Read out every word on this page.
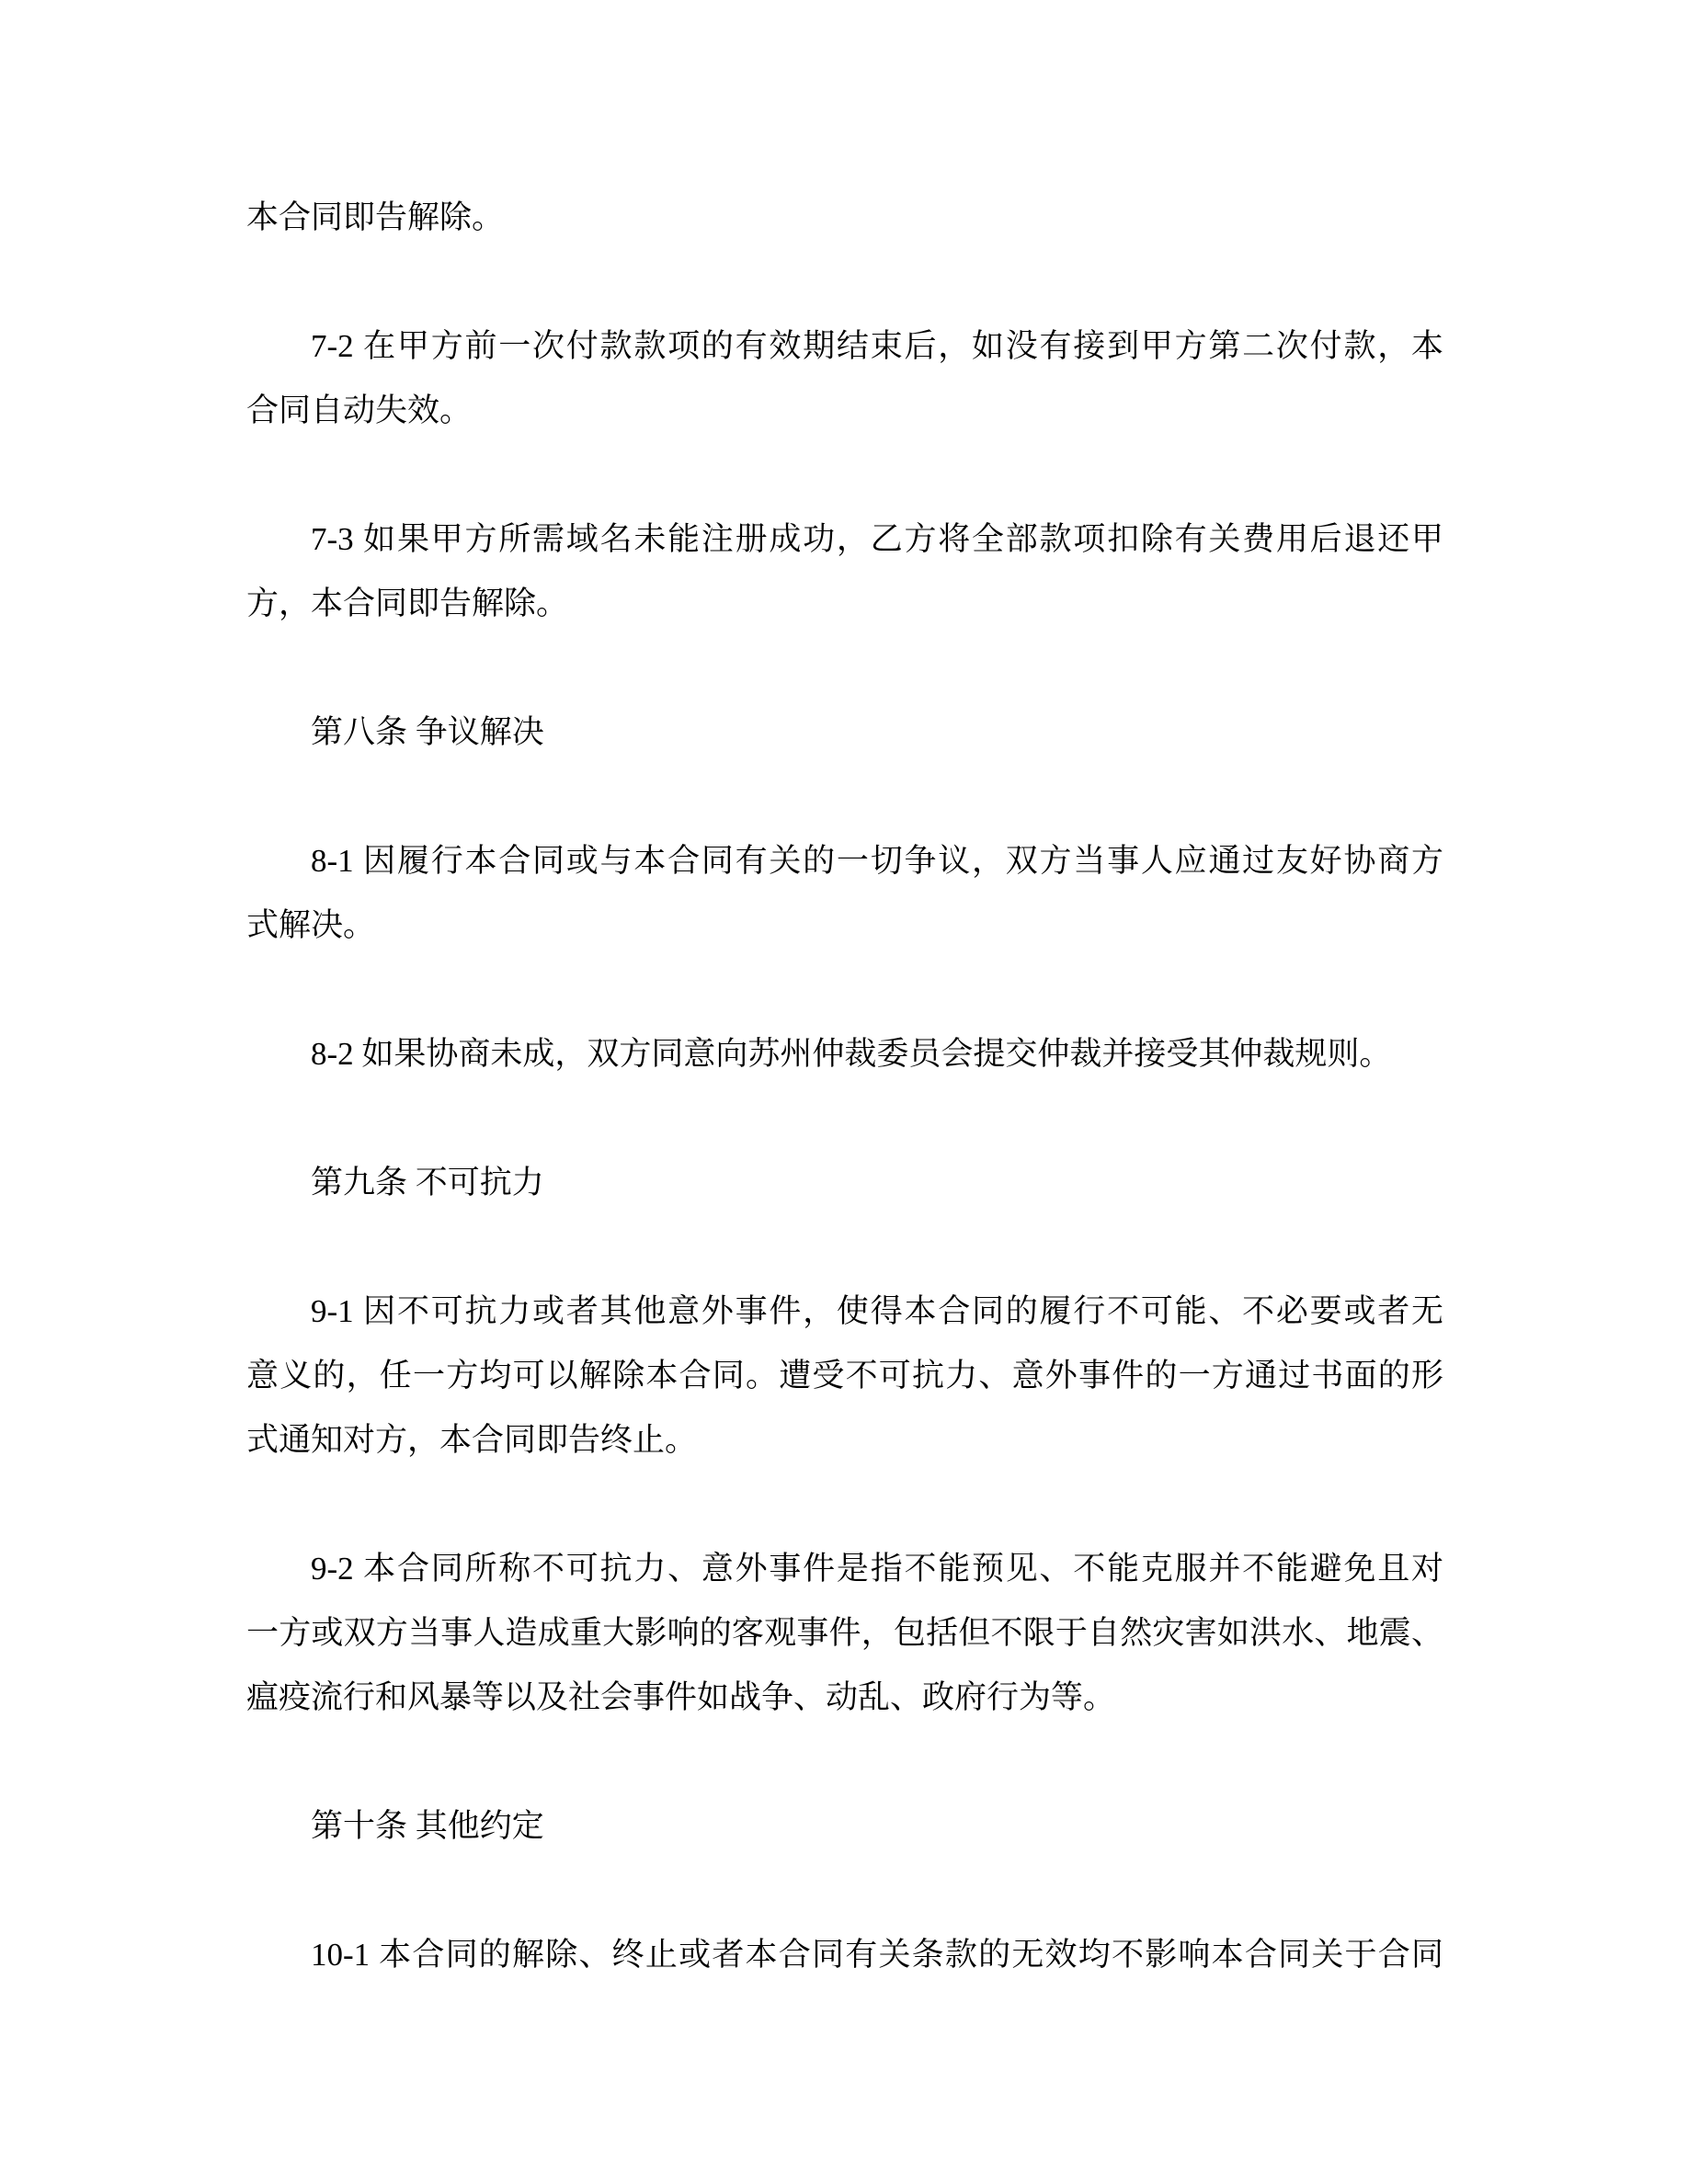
本合同即告解除。

7-2 在甲方前一次付款款项的有效期结束后，如没有接到甲方第二次付款，本
合同自动失效。

7-3 如果甲方所需域名未能注册成功，乙方将全部款项扣除有关费用后退还甲
方，本合同即告解除。

第八条 争议解决

8-1 因履行本合同或与本合同有关的一切争议，双方当事人应通过友好协商方
式解决。

8-2 如果协商未成，双方同意向苏州仲裁委员会提交仲裁并接受其仲裁规则。

第九条 不可抗力

9-1 因不可抗力或者其他意外事件，使得本合同的履行不可能、不必要或者无
意义的，任一方均可以解除本合同。遭受不可抗力、意外事件的一方通过书面的形
式通知对方，本合同即告终止。

9-2 本合同所称不可抗力、意外事件是指不能预见、不能克服并不能避免且对
一方或双方当事人造成重大影响的客观事件，包括但不限于自然灾害如洪水、地震、
瘟疫流行和风暴等以及社会事件如战争、动乱、政府行为等。

第十条 其他约定

10-1 本合同的解除、终止或者本合同有关条款的无效均不影响本合同关于合同
